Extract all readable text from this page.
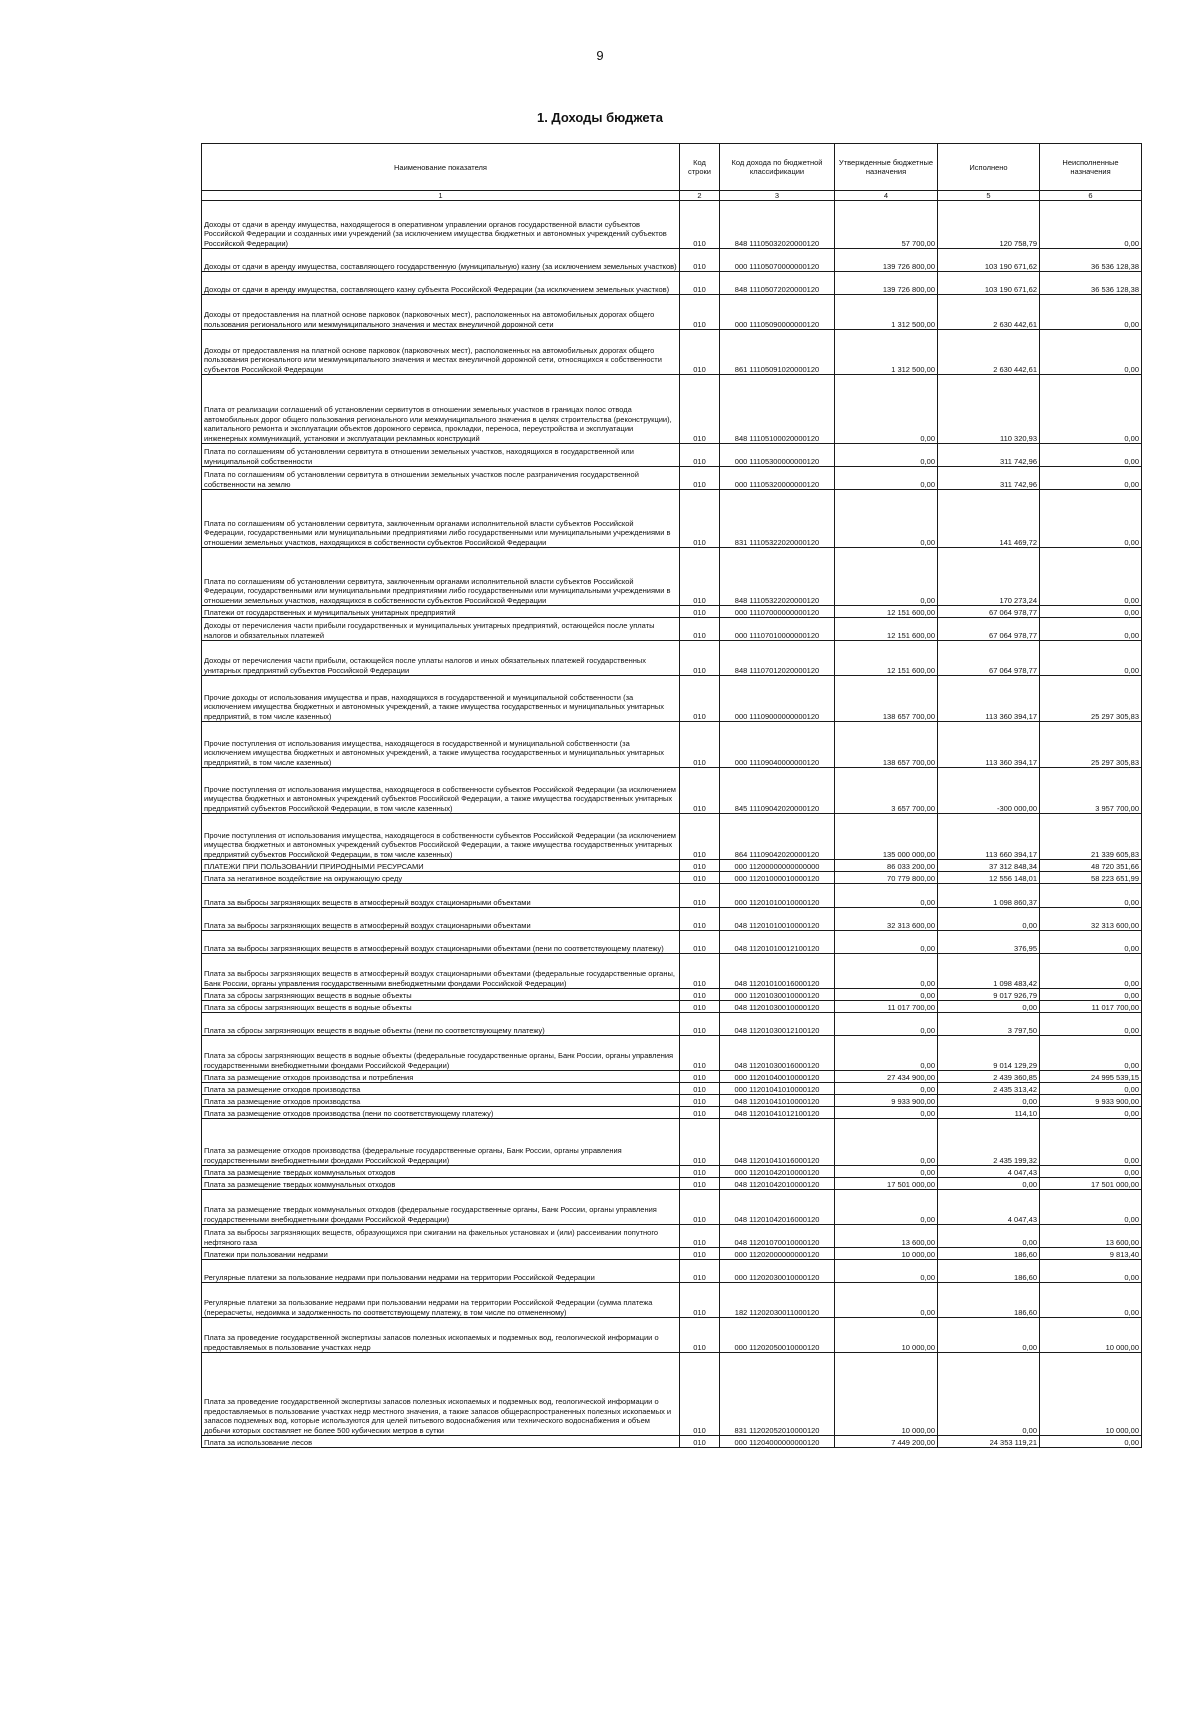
9
1. Доходы бюджета
Наименование показателя	Код строки	Код дохода по бюджетной классификации	Утвержденные бюджетные назначения	Исполнено	Неисполненные назначения
1	2	3	4	5	6
Доходы от сдачи в аренду имущества, находящегося в оперативном управлении органов государственной власти субъектов Российской Федерации и созданных ими учреждений (за исключением имущества бюджетных и автономных учреждений субъектов Российской Федерации)	010	848 11105032020000120	57 700,00	120 758,79	0,00
Доходы от сдачи в аренду имущества, составляющего государственную (муниципальную) казну (за исключением земельных участков)	010	000 11105070000000120	139 726 800,00	103 190 671,62	36 536 128,38
Доходы от сдачи в аренду имущества, составляющего казну субъекта Российской Федерации (за исключением земельных участков)	010	848 11105072020000120	139 726 800,00	103 190 671,62	36 536 128,38
Доходы от предоставления на платной основе парковок (парковочных мест), расположенных на автомобильных дорогах общего пользования регионального или межмуниципального значения и местах внеуличной дорожной сети	010	000 11105090000000120	1 312 500,00	2 630 442,61	0,00
Доходы от предоставления на платной основе парковок (парковочных мест), расположенных на автомобильных дорогах общего пользования регионального или межмуниципального значения и местах внеуличной дорожной сети, относящихся к собственности субъектов Российской Федерации	010	861 11105091020000120	1 312 500,00	2 630 442,61	0,00
Плата от реализации соглашений об установлении сервитутов в отношении земельных участков в границах полос отвода автомобильных дорог общего пользования регионального или межмуниципального значения в целях строительства (реконструкции), капитального ремонта и эксплуатации объектов дорожного сервиса, прокладки, переноса, переустройства и эксплуатации инженерных коммуникаций, установки и эксплуатации рекламных конструкций	010	848 11105100020000120	0,00	110 320,93	0,00
Плата по соглашениям об установлении сервитута в отношении земельных участков, находящихся в государственной или муниципальной собственности	010	000 11105300000000120	0,00	311 742,96	0,00
Плата по соглашениям об установлении сервитута в отношении земельных участков после разграничения государственной собственности на землю	010	000 11105320000000120	0,00	311 742,96	0,00
Плата по соглашениям об установлении сервитута, заключенным органами исполнительной власти субъектов Российской Федерации, государственными или муниципальными предприятиями либо государственными или муниципальными учреждениями в отношении земельных участков, находящихся в собственности субъектов Российской Федерации	010	831 11105322020000120	0,00	141 469,72	0,00
Плата по соглашениям об установлении сервитута, заключенным органами исполнительной власти субъектов Российской Федерации, государственными или муниципальными предприятиями либо государственными или муниципальными учреждениями в отношении земельных участков, находящихся в собственности субъектов Российской Федерации	010	848 11105322020000120	0,00	170 273,24	0,00
Платежи от государственных и муниципальных унитарных предприятий	010	000 11107000000000120	12 151 600,00	67 064 978,77	0,00
Доходы от перечисления части прибыли государственных и муниципальных унитарных предприятий, остающейся после уплаты налогов и обязательных платежей	010	000 11107010000000120	12 151 600,00	67 064 978,77	0,00
Доходы от перечисления части прибыли, остающейся после уплаты налогов и иных обязательных платежей государственных унитарных предприятий субъектов Российской Федерации	010	848 11107012020000120	12 151 600,00	67 064 978,77	0,00
Прочие доходы от использования имущества и прав, находящихся в государственной и муниципальной собственности (за исключением имущества бюджетных и автономных учреждений, а также имущества государственных и муниципальных унитарных предприятий, в том числе казенных)	010	000 11109000000000120	138 657 700,00	113 360 394,17	25 297 305,83
Прочие поступления от использования имущества, находящегося в государственной и муниципальной собственности (за исключением имущества бюджетных и автономных учреждений, а также имущества государственных и муниципальных унитарных предприятий, в том числе казенных)	010	000 11109040000000120	138 657 700,00	113 360 394,17	25 297 305,83
Прочие поступления от использования имущества, находящегося в собственности субъектов Российской Федерации (за исключением имущества бюджетных и автономных учреждений субъектов Российской Федерации, а также имущества государственных унитарных предприятий субъектов Российской Федерации, в том числе казенных)	010	845 11109042020000120	3 657 700,00	-300 000,00	3 957 700,00
Прочие поступления от использования имущества, находящегося в собственности субъектов Российской Федерации (за исключением имущества бюджетных и автономных учреждений субъектов Российской Федерации, а также имущества государственных унитарных предприятий субъектов Российской Федерации, в том числе казенных)	010	864 11109042020000120	135 000 000,00	113 660 394,17	21 339 605,83
ПЛАТЕЖИ ПРИ ПОЛЬЗОВАНИИ ПРИРОДНЫМИ РЕСУРСАМИ	010	000 11200000000000000	86 033 200,00	37 312 848,34	48 720 351,66
Плата за негативное воздействие на окружающую среду	010	000 11201000010000120	70 779 800,00	12 556 148,01	58 223 651,99
Плата за выбросы загрязняющих веществ в атмосферный воздух стационарными объектами	010	000 11201010010000120	0,00	1 098 860,37	0,00
Плата за выбросы загрязняющих веществ в атмосферный воздух стационарными объектами	010	048 11201010010000120	32 313 600,00	0,00	32 313 600,00
Плата за выбросы загрязняющих веществ в атмосферный воздух стационарными объектами (пени по соответствующему платежу)	010	048 11201010012100120	0,00	376,95	0,00
Плата за выбросы загрязняющих веществ в атмосферный воздух стационарными объектами (федеральные государственные органы, Банк России, органы управления государственными внебюджетными фондами Российской Федерации)	010	048 11201010016000120	0,00	1 098 483,42	0,00
Плата за сбросы загрязняющих веществ в водные объекты	010	000 11201030010000120	0,00	9 017 926,79	0,00
Плата за сбросы загрязняющих веществ в водные объекты	010	048 11201030010000120	11 017 700,00	0,00	11 017 700,00
Плата за сбросы загрязняющих веществ в водные объекты (пени по соответствующему платежу)	010	048 11201030012100120	0,00	3 797,50	0,00
Плата за сбросы загрязняющих веществ в водные объекты (федеральные государственные органы, Банк России, органы управления государственными внебюджетными фондами Российской Федерации)	010	048 11201030016000120	0,00	9 014 129,29	0,00
Плата за размещение отходов производства и потребления	010	000 11201040010000120	27 434 900,00	2 439 360,85	24 995 539,15
Плата за размещение отходов производства	010	000 11201041010000120	0,00	2 435 313,42	0,00
Плата за размещение отходов производства	010	048 11201041010000120	9 933 900,00	0,00	9 933 900,00
Плата за размещение отходов производства (пени по соответствующему платежу)	010	048 11201041012100120	0,00	114,10	0,00
Плата за размещение отходов производства (федеральные государственные органы, Банк России, органы управления государственными внебюджетными фондами Российской Федерации)	010	048 11201041016000120	0,00	2 435 199,32	0,00
Плата за размещение твердых коммунальных отходов	010	000 11201042010000120	0,00	4 047,43	0,00
Плата за размещение твердых коммунальных отходов	010	048 11201042010000120	17 501 000,00	0,00	17 501 000,00
Плата за размещение твердых коммунальных отходов (федеральные государственные органы, Банк России, органы управления государственными внебюджетными фондами Российской Федерации)	010	048 11201042016000120	0,00	4 047,43	0,00
Плата за выбросы загрязняющих веществ, образующихся при сжигании на факельных установках и (или) рассеивании попутного нефтяного газа	010	048 11201070010000120	13 600,00	0,00	13 600,00
Платежи при пользовании недрами	010	000 11202000000000120	10 000,00	186,60	9 813,40
Регулярные платежи за пользование недрами при пользовании недрами на территории Российской Федерации	010	000 11202030010000120	0,00	186,60	0,00
Регулярные платежи за пользование недрами при пользовании недрами на территории Российской Федерации (сумма платежа (перерасчеты, недоимка и задолженность по соответствующему платежу, в том числе по отмененному)	010	182 11202030011000120	0,00	186,60	0,00
Плата за проведение государственной экспертизы запасов полезных ископаемых и подземных вод, геологической информации о предоставляемых в пользование участках недр	010	000 11202050010000120	10 000,00	0,00	10 000,00
Плата за проведение государственной экспертизы запасов полезных ископаемых и подземных вод, геологической информации о предоставляемых в пользование участках недр местного значения, а также запасов общераспространенных полезных ископаемых и запасов подземных вод, которые используются для целей питьевого водоснабжения или технического водоснабжения и объем добычи которых составляет не более 500 кубических метров в сутки	010	831 11202052010000120	10 000,00	0,00	10 000,00
Плата за использование лесов	010	000 11204000000000120	7 449 200,00	24 353 119,21	0,00
